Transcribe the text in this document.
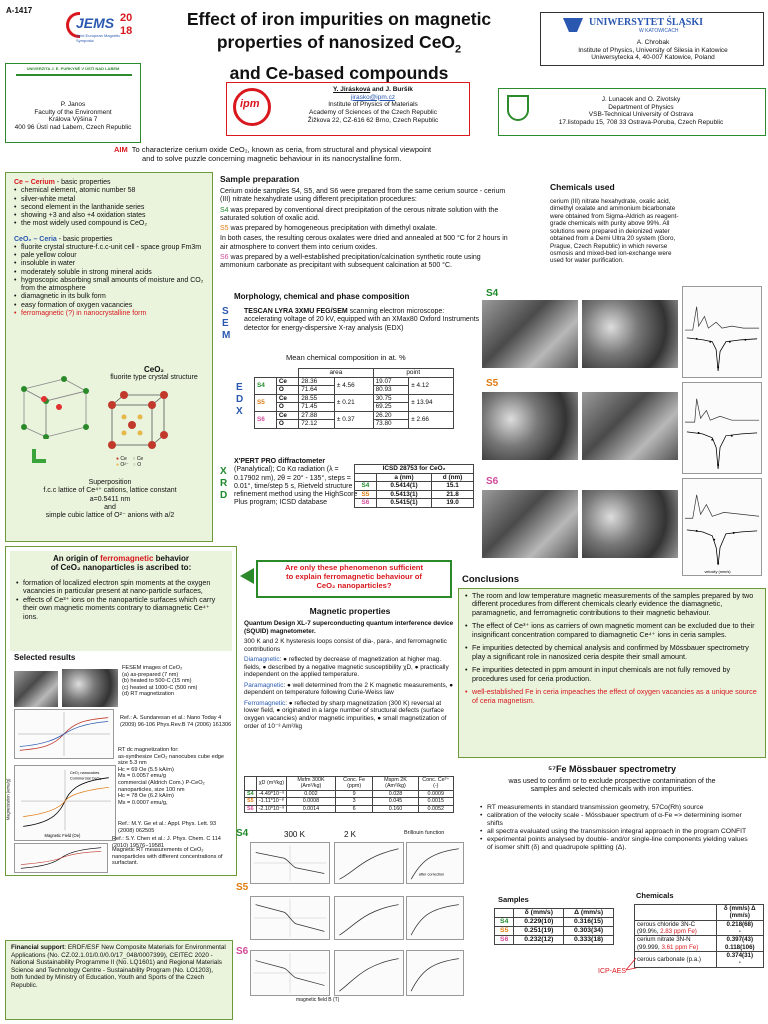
A-1417
JEMS 20
18
Joint European Magnetic Symposia
Effect of iron impurities on magnetic
properties of nanosized CeO$_2$
and Ce-based compounds
UNIWERSYTET ŚLĄSKI
W KATOWICACH
A. Chrobak
Institute of Physics, University of Silesia in Katowice
Uniwersytecka 4, 40-007 Katowice, Poland
UNIVERZITA J. E. PURKYNĚ V ÚSTÍ NAD LABEM
P. Janos
Faculty of the Environment
Králova Výšina 7
400 96 Ústí nad Labem, Czech Republic
ipm
Y. Jirásková and J. Buršík
jirasko@ipm.cz
Institute of Physics of Materials
Academy of Sciences of the Czech Republic
Žižkova 22, CZ-616 62 Brno, Czech Republic
J. Lunacek and O. Zivotsky
Department of Physics
VSB-Technical University of Ostrava
17.listopadu 15, 708 33 Ostrava-Poruba, Czech Republic
AIM To characterize cerium oxide CeO₂, known as ceria, from structural and physical viewpoint
and to solve puzzle concerning magnetic behaviour in its nanocrystalline form.
Ce – Cerium - basic properties
• chemical element, atomic number 58
• silver-white metal
• second element in the lanthanide series
• showing +3 and also +4 oxidation states
• the most widely used compound is CeO₂
CeO₂ – Ceria - basic properties
• fluorite crystal structure-f.c.c-unit cell - space group Fm3m
• pale yellow colour
• insoluble in water
• moderately soluble in strong mineral acids
• hygroscopic absorbing small amounts of moisture and CO₂ from the atmosphere
• diamagnetic in its bulk form
• easy formation of oxygen vacancies
• ferromagnetic (?) in nanocrystalline form
CeO₂
fluorite type crystal structure
● Ce ○ Ce
● O²⁻ ○ O
Superposition
f.c.c lattice of Ce⁴⁺ cations, lattice constant
a=0.5411 nm
and
simple cubic lattice of O²⁻ anions with a/2
Sample preparation
Cerium oxide samples S4, S5, and S6 were prepared from the same cerium source - cerium (III) nitrate hexahydrate using different precipitation procedures:
S4 was prepared by conventional direct precipitation of the cerous nitrate solution with the saturated solution of oxalic acid.
S5 was prepared by homogeneous precipitation with dimethyl oxalate.
In both cases, the resulting cerous oxalates were dried and annealed at 500 °C for 2 hours in air atmosphere to convert them into cerium oxides.
S6 was prepared by a well-established precipitation/calcination synthetic route using ammonium carbonate as precipitant with subsequent calcination at 500 °C.
Chemicals used
cerium (III) nitrate hexahydrate, oxalic acid, dimethyl oxalate and ammonium bicarbonate were obtained from Sigma-Aldrich as reagent-grade chemicals with purity above 99%. All solutions were prepared in deionized water obtained from a Demi Ultra 20 system (Goro, Prague, Czech Republic) in which reverse osmosis and mixed-bed ion-exchange were used for water purification.
Morphology, chemical and phase composition
S
E
M
TESCAN LYRA 3XMU FEG/SEM scanning electron microscope: accelerating voltage of 20 kV, equipped with an XMax80 Oxford Instruments detector for energy-dispersive X-ray analysis (EDX)
Mean chemical composition in at. %
E
D
X
		area		point	
S4	Ce	28.36	± 4.56	19.07	± 4.12
	O	71.64		80.93	
S5	Ce	28.55	± 0.21	30.75	± 13.94
	O	71.45		69.25	
S6	Ce	27.88	± 0.37	26.20	± 2.66
	O	72.12		73.80	
X
R
D
X'PERT PRO diffractometer
(Panalytical); Co Kα radiation (λ = 0.17902 nm), 2θ = 20° - 135°, steps = 0.01°, time/step 5 s, Rietveld structure refinement method using the HighScore Plus program; ICSD database
ICSD 28753 for CeO₂		
	a (nm)	d (nm)
S4	0.5414(1)	15.1
S5	0.5413(1)	21.8
S6	0.5415(1)	19.0
S4
S5
S6
velocity (mm/s)
An origin of ferromagnetic behavior
of CeO₂ nanoparticles is ascribed to:
• formation of localized electron spin moments at the oxygen vacancies in particular present at nano-particle surfaces,
• effects of Ce³⁺ ions on the nanoparticle surfaces which carry their own magnetic moments contrary to diamagnetic Ce⁴⁺ ions.
Selected results
FESEM images of CeO₂
(a) as-prepared (7 nm)
(b) heated to 500◦C (15 nm)
(c) heated at 1000◦C (500 nm)
(d) RT magnetization
Ref.: A. Sundaresan et al.: Nano Today 4 (2009) 96-106 Phys.Rev.B 74 (2006) 161306
CeO₂ nanocubes
Commercial CeO₂
Magnetic Field (Oe)
Magnetization (emu/g)
RT dc magnetization for:
as-synthesize CeO₂ nanocubes cube edge size 5.3 nm
Hc = 69 Oe (5.5 kA/m)
Ms = 0.0057 emu/g
commercial (Aldrich Com.) P-CeO₂ nanoparticles, size 100 nm
Hc = 78 Oe (6.2 kA/m)
Ms = 0.0007 emu/g,
Ref.: M.Y. Ge et al.: Appl. Phys. Lett. 93 (2008) 062505
Magnetic RT measurements of CeO₂ nanoparticles with different concentrations of surfactant.
Ref.: S.Y. Chen et al.: J. Phys. Chem. C 114 (2010) 19576−19581
Are only these phenomenon sufficient
to explain ferromagnetic behaviour of
CeO₂ nanoparticles?
Magnetic properties
Quantum Design XL-7 superconducting quantum interference device (SQUID) magnetometer.
300 K and 2 K hysteresis loops consist of dia-, para-, and ferromagnetic contributions
Diamagnetic: ● reflected by decrease of magnetization at higher mag. fields, ● described by a negative magnetic susceptibility χD, ● practically independent on the applied temperature.
Paramagnetic: ● well determined from the 2 K magnetic measurements, ● dependent on temperature following Curie-Weiss law
Ferromagnetic: ● reflected by sharp magnetization (300 K) reversal at lower field, ● originated in a large number of structural defects (surface oxygen vacancies) and/or magnetic impurities, ● small magnetization of order of 10⁻³ Am²/kg
	χD (m³/kg)	Msfm 300K (Am²/kg)	Conc. Fe (ppm)	Mspm 2K (Am²/kg)	Conc. Ce³⁺ (-)
S4	-4.49*10⁻⁹	0.002	9	0.028	0.0009
S5	-1.11*10⁻⁸	0.0008	3	0.045	0.0015
S6	-2.10*10⁻⁹	0.0014	6	0.160	0.0052
S4	300 K	2 K	Brillouin function
S5
S6
after correction
magnetic field B (T)
Conclusions
• The room and low temperature magnetic measurements of the samples prepared by two different procedures from different chemicals clearly evidence the diamagnetic, paramagnetic, and ferromagnetic contributions to their magnetic behaviour.
• The effect of Ce³⁺ ions as carriers of own magnetic moment can be excluded due to their insignificant concentration compared to diamagnetic Ce⁴⁺ ions in ceria samples.
• Fe impurities detected by chemical analysis and confirmed by Mössbauer spectrometry play a significant role in nanosized ceria despite their small amount.
• Fe impurities detected in ppm amount in input chemicals are not fully removed by procedures used for ceria production.
• well-established Fe in ceria impeaches the effect of oxygen vacancies as a unique source of ceria magnetism.
⁵⁷Fe Mössbauer spectrometry
was used to confirm or to exclude prospective contamination of the
samples and selected chemicals with iron impurities.
• RT measurements in standard transmission geometry, 57Co(Rh) source
• calibration of the velocity scale - Mössbauer spectrum of α-Fe => determining isomer shifts
• all spectra evaluated using the transmission integral approach in the program CONFIT
• experimental points analysed by double- and/or single-line components yielding values of isomer shift (δ) and quadrupole splitting (Δ).
Samples
	δ (mm/s)	Δ (mm/s)
S4	0.229(10)	0.316(15)
S5	0.251(19)	0.303(34)
S6	0.232(12)	0.333(18)
Chemicals
	δ (mm/s) Δ (mm/s)
cerous chloride 3N-C (99.9%, 2.83 ppm Fe)	0.218(68)
-

cerium nitrate 3N-N (99.999, 3.61 ppm Fe)	0.397(43)
0.118(106)

cerous carbonate (p.a.)	0.374(31)
-
ICP-AES
Financial support: ERDF/ESF New Composite Materials for Environmental Applications (No. CZ.02.1.01/0.0/0.0/17_048/0007399), CEITEC 2020 - National Sustainability Programme II (No. LQ1601) and Regional Materials Science and Technology Centre - Sustainability Program (No. LO1203), both funded by Ministry of Education, Youth and Sports of the Czech Republic.
